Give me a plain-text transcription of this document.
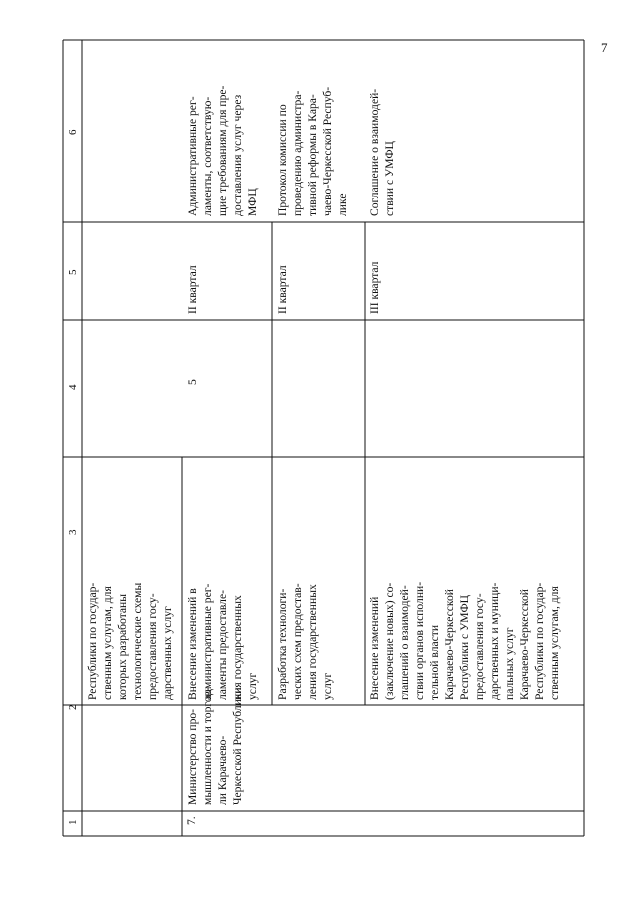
7
1
2
3
4
5
6
Республики по государ- ственным услугам, для которых разработаны технологические схемы предоставления госу- дарственных услуг
7.
Министерство про- мышленности и торгов- ли Карачаево- Черкесской Республики
Внесение изменений в административные рег- ламенты предоставле- ния государственных услуг
5
II квартал
Административные рег- ламенты, соответствую- щие требованиям для пре- доставления услуг через МФЦ
Разработка технологи- ческих схем предостав- ления государственных услуг
II квартал
Протокол комиссии по проведению администра- тивной реформы в Кара- чаево-Черкесской Респуб- лике
Внесение изменений (заключение новых) со- глашений о взаимодей- ствии органов исполни- тельной власти Карачаево-Черкесской Республики с УМФЦ предоставления госу- дарственных и муници- пальных услуг Карачаево-Черкесской Республики по государ- ственным услугам, для
III квартал
Соглашение о взаимодей- ствии с УМФЦ
